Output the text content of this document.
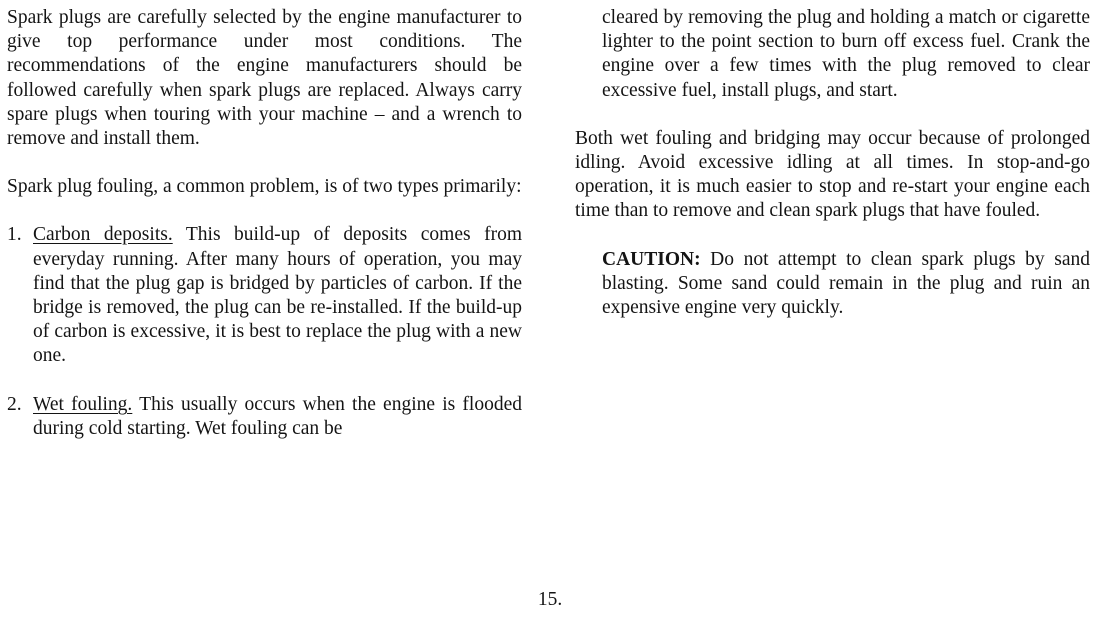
Spark plugs are carefully selected by the engine manufacturer to give top performance under most conditions. The recommendations of the engine manufacturers should be followed carefully when spark plugs are replaced. Always carry spare plugs when touring with your machine – and a wrench to remove and install them.

Spark plug fouling, a common problem, is of two types primarily:

1. Carbon deposits. This build-up of deposits comes from everyday running. After many hours of operation, you may find that the plug gap is bridged by particles of carbon. If the bridge is removed, the plug can be re-installed. If the build-up of carbon is excessive, it is best to replace the plug with a new one.
2. Wet fouling. This usually occurs when the engine is flooded during cold starting. Wet fouling can be

cleared by removing the plug and holding a match or cigarette lighter to the point section to burn off excess fuel. Crank the engine over a few times with the plug removed to clear excessive fuel, install plugs, and start.

Both wet fouling and bridging may occur because of prolonged idling. Avoid excessive idling at all times. In stop-and-go operation, it is much easier to stop and re-start your engine each time than to remove and clean spark plugs that have fouled.

CAUTION: Do not attempt to clean spark plugs by sand blasting. Some sand could remain in the plug and ruin an expensive engine very quickly.

15.
